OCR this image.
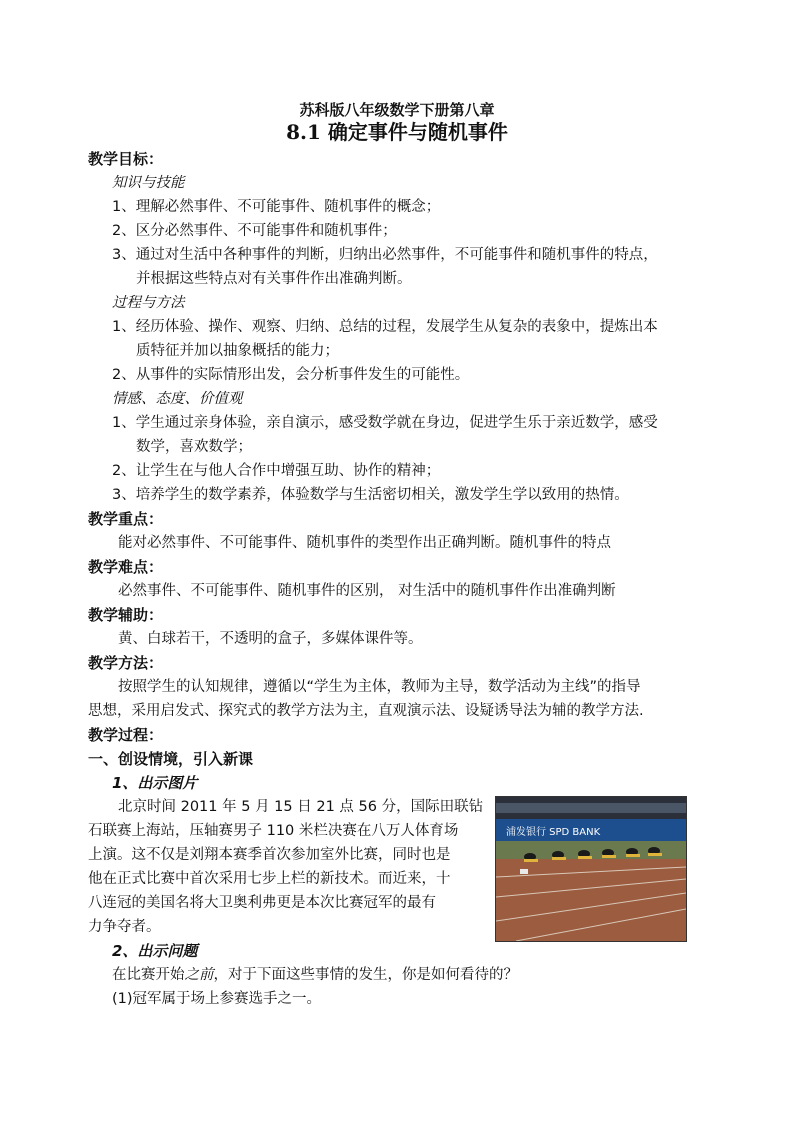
苏科版八年级数学下册第八章
8.1 确定事件与随机事件
教学目标：
知识与技能
1、理解必然事件、不可能事件、随机事件的概念；
2、区分必然事件、不可能事件和随机事件；
3、通过对生活中各种事件的判断，归纳出必然事件，不可能事件和随机事件的特点，
并根据这些特点对有关事件作出准确判断。
过程与方法
1、经历体验、操作、观察、归纳、总结的过程，发展学生从复杂的表象中，提炼出本
质特征并加以抽象概括的能力；
2、从事件的实际情形出发，会分析事件发生的可能性。
情感、态度、价值观
1、学生通过亲身体验，亲自演示，感受数学就在身边，促进学生乐于亲近数学，感受
数学，喜欢数学；
2、让学生在与他人合作中增强互助、协作的精神；
3、培养学生的数学素养，体验数学与生活密切相关，激发学生学以致用的热情。
教学重点：
能对必然事件、不可能事件、随机事件的类型作出正确判断。随机事件的特点
教学难点：
必然事件、不可能事件、随机事件的区别， 对生活中的随机事件作出准确判断
教学辅助：
黄、白球若干，不透明的盒子，多媒体课件等。
教学方法：
按照学生的认知规律，遵循以“学生为主体，教师为主导，数学活动为主线”的指导
思想，采用启发式、探究式的教学方法为主，直观演示法、设疑诱导法为辅的教学方法.
教学过程：
一、创设情境，引入新课
1、出示图片
北京时间 2011 年 5 月 15 日 21 点 56 分，国际田联钻
石联赛上海站，压轴赛男子 110 米栏决赛在八万人体育场
上演。这不仅是刘翔本赛季首次参加室外比赛，同时也是
他在正式比赛中首次采用七步上栏的新技术。而近来，十
八连冠的美国名将大卫奥利弗更是本次比赛冠军的最有
力争夺者。
浦发银行 SPD BANK
2、出示问题
在比赛开始之前，对于下面这些事情的发生，你是如何看待的？
(1)冠军属于场上参赛选手之一。
